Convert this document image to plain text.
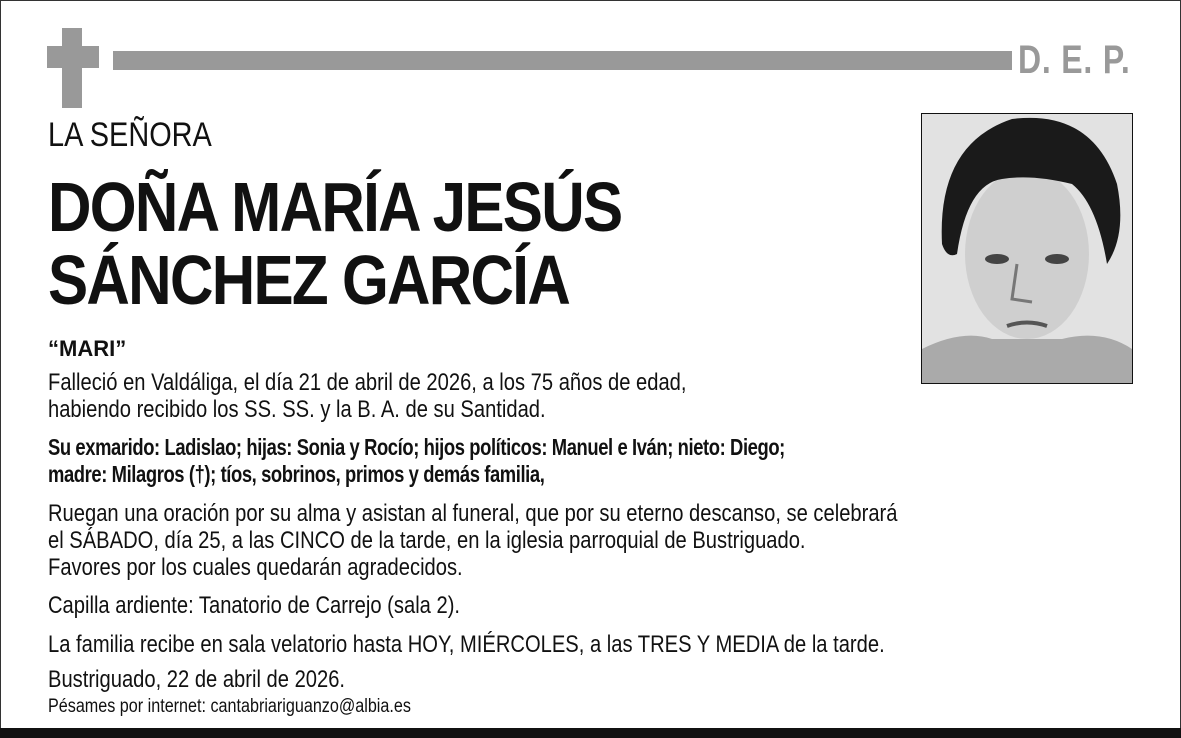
D. E. P.
LA SEÑORA
DOÑA MARÍA JESÚS
SÁNCHEZ GARCÍA
“MARI”
Falleció en Valdáliga, el día 21 de abril de 2026, a los 75 años de edad,
habiendo recibido los SS. SS. y la B. A. de su Santidad.
Su exmarido: Ladislao; hijas: Sonia y Rocío; hijos políticos: Manuel e Iván; nieto: Diego;
madre: Milagros (†); tíos, sobrinos, primos y demás familia,
Ruegan una oración por su alma y asistan al funeral, que por su eterno descanso, se celebrará
el SÁBADO, día 25, a las CINCO de la tarde, en la iglesia parroquial de Bustriguado.
Favores por los cuales quedarán agradecidos.
Capilla ardiente: Tanatorio de Carrejo (sala 2).
La familia recibe en sala velatorio hasta HOY, MIÉRCOLES, a las TRES Y MEDIA de la tarde.
Bustriguado, 22 de abril de 2026.
Pésames por internet: cantabriariguanzo@albia.es
